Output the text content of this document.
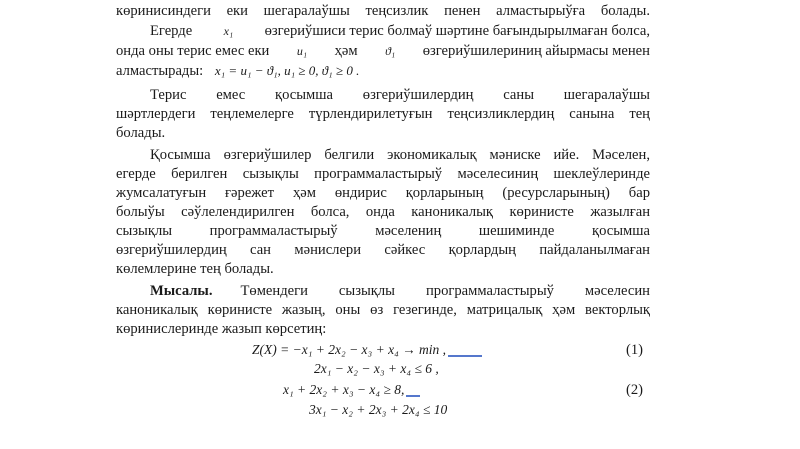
көриниcиндеги еки шегаралаўшы теңсизлик пенен алмастырыўға болады.
Егерде	x₁ өзгериўшиси терис болмаў шәртине бағындырылмаған болса,
онда оны терис емес еки u₁ ҳәм ϑ₁ өзгериўшилериниң айырмасы менен
алмастырады: x₁ = u₁ − ϑ₁, u₁ ≥ 0, ϑ₁ ≥ 0 .
Терис емес қосымша өзгериўшилердиң саны шегаралаўшы
шәртлердеги теңлемелерге түрлендирилетуғын теңсизликлердиң санына тең
болады.
Қосымша өзгериўшилер белгили экономикалық мәниске ийе. Мәселен,
егерде берилген сызықлы программаластырыў мәселесиниң шеклеўлеринде
жумсалатуғын ғәрежет ҳәм өндирис қорларының (ресурсларының) бар
болыўы сәўлелендирилген болса, онда каноникалық көриниcте жазылған
сызықлы программаластырыў мәселениң шешиминде қосымша
өзгериўшилердиң сан мәнислери сәйкес қорлардың пайдаланылмаған
көлемлерине тең болады.
Мысалы. Төмендеги сызықлы программаластырыў мәселесин
каноникалық көриниcте жазың, оны өз гезегинде, матрицалық ҳәм векторлық
көриниcлеринде жазып көрсетиң:
Z(X) = −x₁ + 2x₂ − x₃ + x₄ → min ,	(1)
2x₁ − x₂ − x₃ + x₄ ≤ 6 ,
x₁ + 2x₂ + x₃ − x₄ ≥ 8,	(2)
3x₁ − x₂ + 2x₃ + 2x₄ ≤ 10
